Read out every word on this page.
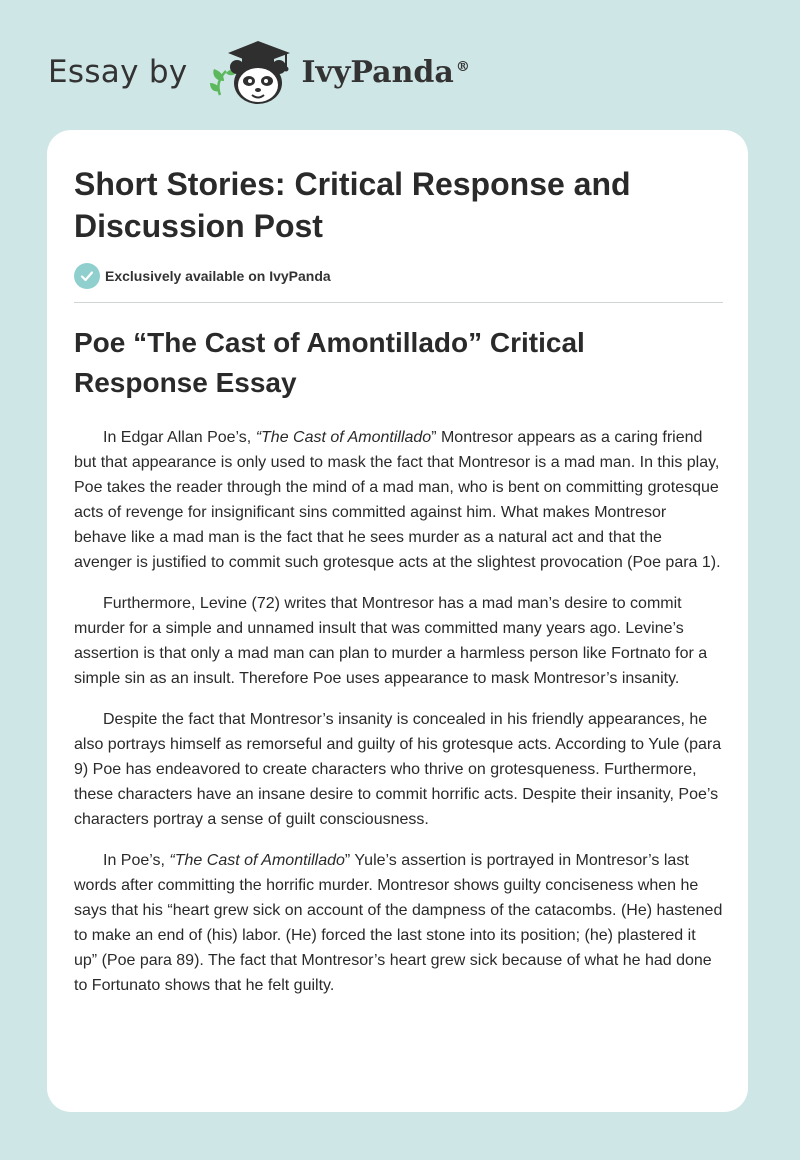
Essay by	IvyPanda ®
Short Stories: Critical Response and Discussion Post
Exclusively available on IvyPanda
Poe “The Cast of Amontillado” Critical Response Essay

In Edgar Allan Poe’s, “The Cast of Amontillado” Montresor appears as a caring friend but that appearance is only used to mask the fact that Montresor is a mad man. In this play, Poe takes the reader through the mind of a mad man, who is bent on committing grotesque acts of revenge for insignificant sins committed against him. What makes Montresor behave like a mad man is the fact that he sees murder as a natural act and that the avenger is justified to commit such grotesque acts at the slightest provocation (Poe para 1).

Furthermore, Levine (72) writes that Montresor has a mad man’s desire to commit murder for a simple and unnamed insult that was committed many years ago. Levine’s assertion is that only a mad man can plan to murder a harmless person like Fortnato for a simple sin as an insult. Therefore Poe uses appearance to mask Montresor’s insanity.

Despite the fact that Montresor’s insanity is concealed in his friendly appearances, he also portrays himself as remorseful and guilty of his grotesque acts. According to Yule (para 9) Poe has endeavored to create characters who thrive on grotesqueness. Furthermore, these characters have an insane desire to commit horrific acts. Despite their insanity, Poe’s characters portray a sense of guilt consciousness.

In Poe’s, “The Cast of Amontillado” Yule’s assertion is portrayed in Montresor’s last words after committing the horrific murder. Montresor shows guilty conciseness when he says that his “heart grew sick on account of the dampness of the catacombs. (He) hastened to make an end of (his) labor. (He) forced the last stone into its position; (he) plastered it up” (Poe para 89). The fact that Montresor’s heart grew sick because of what he had done to Fortunato shows that he felt guilty.
